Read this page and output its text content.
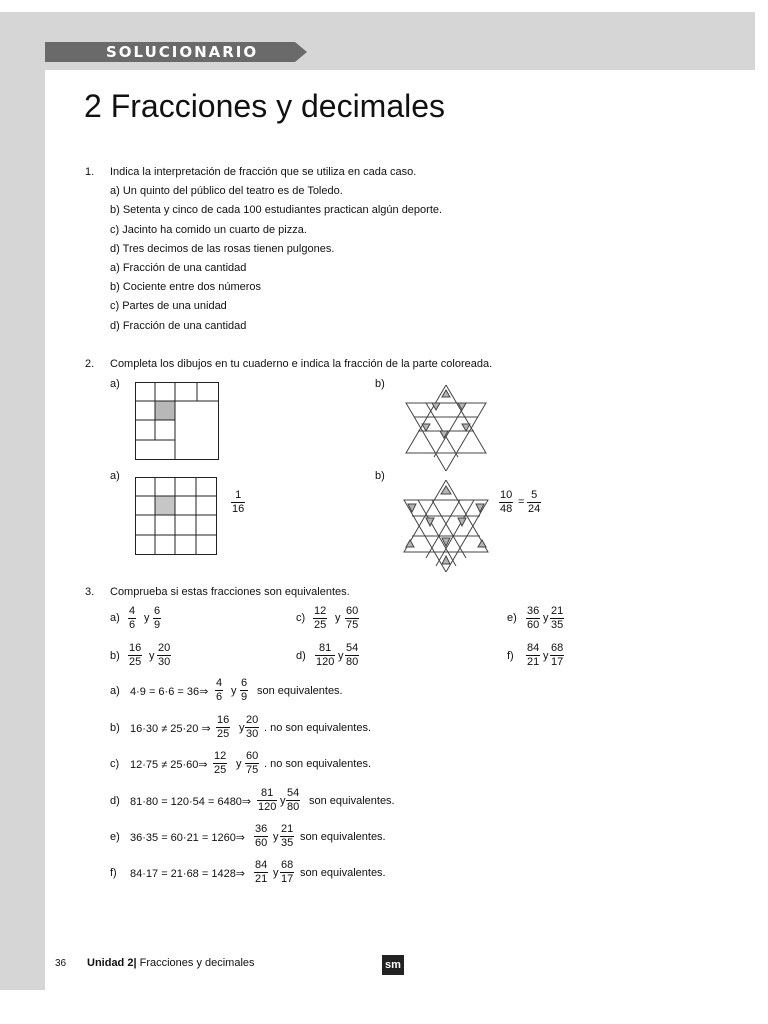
SOLUCIONARIO
2 Fracciones y decimales
1. Indica la interpretación de fracción que se utiliza en cada caso.
a) Un quinto del público del teatro es de Toledo.
b) Setenta y cinco de cada 100 estudiantes practican algún deporte.
c) Jacinto ha comido un cuarto de pizza.
d) Tres decimos de las rosas tienen pulgones.
a) Fracción de una cantidad
b) Cociente entre dos números
c) Partes de una unidad
d) Fracción de una cantidad
2. Completa los dibujos en tu cuaderno e indica la fracción de la parte coloreada.
a)	b)
a)	b)
$\frac{1}{16}$	$\frac{10}{48} = \frac{5}{24}$
3. Comprueba si estas fracciones son equivalentes.
$a) \frac{4}{6}$ y $\frac{6}{9}$	$c) \frac{12}{25}$ y $\frac{60}{75}$	$e) \frac{36}{60}$ y $\frac{21}{35}$
$b) \frac{16}{25}$ y $\frac{20}{30}$	$d) \frac{81}{120}$ y $\frac{54}{80}$	$f) \frac{84}{21}$ y $\frac{68}{17}$
a) 4·9 = 6·6 = 36⇒ $\frac{4}{6}$ y $\frac{6}{9}$ son equivalentes.
b) 16·30 ≠ 25·20 ⇒ $\frac{16}{25}$ y $\frac{20}{30}$ . no son equivalentes.
c) 12·75 ≠ 25·60⇒ $\frac{12}{25}$ y $\frac{60}{75}$ . no son equivalentes.
d) 81·80 = 120·54 = 6480⇒ $\frac{81}{120}$ y $\frac{54}{80}$ son equivalentes.
e) 36·35 = 60·21 = 1260⇒ $\frac{36}{60}$ y $\frac{21}{35}$ son equivalentes.
f) 84·17 = 21·68 = 1428⇒ $\frac{84}{21}$ y $\frac{68}{17}$ son equivalentes.
36 Unidad 2| Fracciones y decimales	sm
